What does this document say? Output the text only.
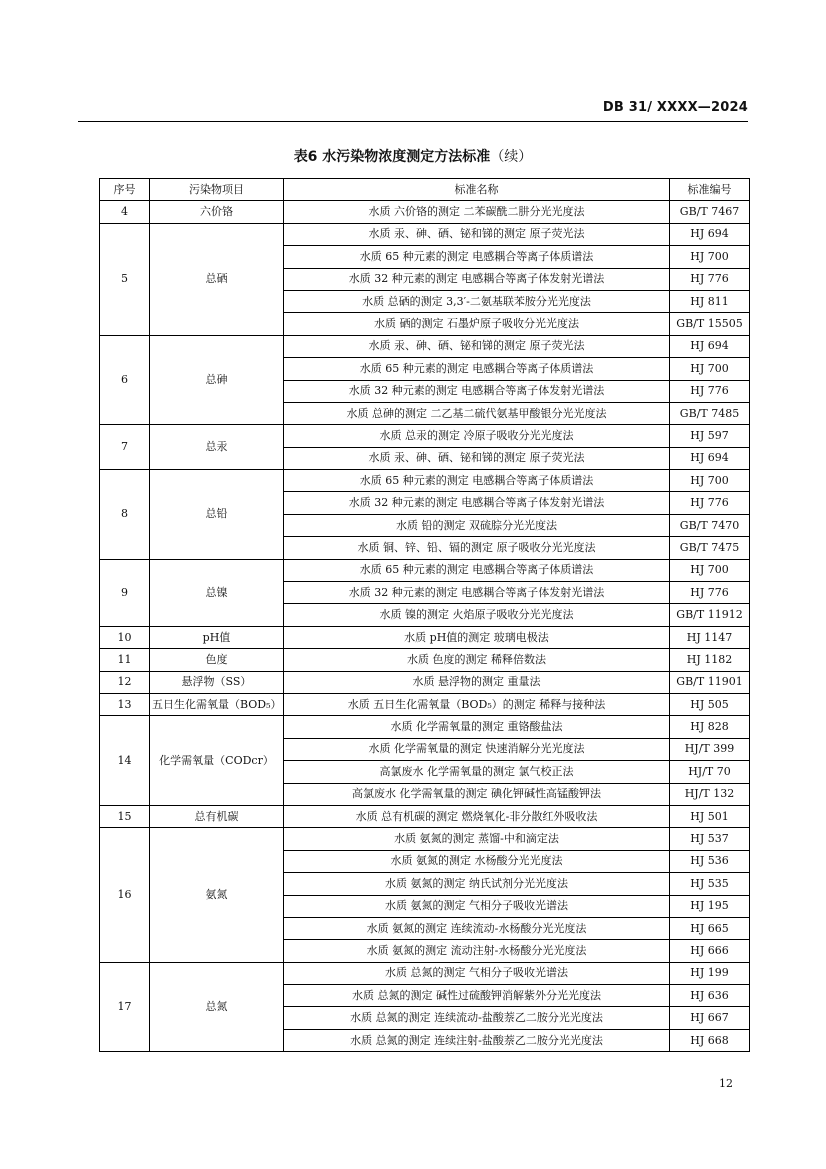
DB 31/ XXXX—2024
表6 水污染物浓度测定方法标准（续）
序号	污染物项目	标准名称	标准编号
4	六价铬	水质 六价铬的测定 二苯碳酰二肼分光光度法	GB/T 7467
5	总硒	水质 汞、砷、硒、铋和锑的测定 原子荧光法	HJ 694
		水质 65 种元素的测定 电感耦合等离子体质谱法	HJ 700
		水质 32 种元素的测定 电感耦合等离子体发射光谱法	HJ 776
		水质 总硒的测定 3,3′-二氨基联苯胺分光光度法	HJ 811
		水质 硒的测定 石墨炉原子吸收分光光度法	GB/T 15505
6	总砷	水质 汞、砷、硒、铋和锑的测定 原子荧光法	HJ 694
		水质 65 种元素的测定 电感耦合等离子体质谱法	HJ 700
		水质 32 种元素的测定 电感耦合等离子体发射光谱法	HJ 776
		水质 总砷的测定 二乙基二硫代氨基甲酸银分光光度法	GB/T 7485
7	总汞	水质 总汞的测定 冷原子吸收分光光度法	HJ 597
		水质 汞、砷、硒、铋和锑的测定 原子荧光法	HJ 694
8	总铅	水质 65 种元素的测定 电感耦合等离子体质谱法	HJ 700
		水质 32 种元素的测定 电感耦合等离子体发射光谱法	HJ 776
		水质 铅的测定 双硫腙分光光度法	GB/T 7470
		水质 铜、锌、铅、镉的测定 原子吸收分光光度法	GB/T 7475
9	总镍	水质 65 种元素的测定 电感耦合等离子体质谱法	HJ 700
		水质 32 种元素的测定 电感耦合等离子体发射光谱法	HJ 776
		水质 镍的测定 火焰原子吸收分光光度法	GB/T 11912
10	pH值	水质 pH值的测定 玻璃电极法	HJ 1147
11	色度	水质 色度的测定 稀释倍数法	HJ 1182
12	悬浮物（SS）	水质 悬浮物的测定 重量法	GB/T 11901
13	五日生化需氧量（BOD₅）	水质 五日生化需氧量（BOD₅）的测定 稀释与接种法	HJ 505
14	化学需氧量（CODcr）	水质 化学需氧量的测定 重铬酸盐法	HJ 828
		水质 化学需氧量的测定 快速消解分光光度法	HJ/T 399
		高氯废水 化学需氧量的测定 氯气校正法	HJ/T 70
		高氯废水 化学需氧量的测定 碘化钾碱性高锰酸钾法	HJ/T 132
15	总有机碳	水质 总有机碳的测定 燃烧氧化-非分散红外吸收法	HJ 501
16	氨氮	水质 氨氮的测定 蒸馏-中和滴定法	HJ 537
		水质 氨氮的测定 水杨酸分光光度法	HJ 536
		水质 氨氮的测定 纳氏试剂分光光度法	HJ 535
		水质 氨氮的测定 气相分子吸收光谱法	HJ 195
		水质 氨氮的测定 连续流动-水杨酸分光光度法	HJ 665
		水质 氨氮的测定 流动注射-水杨酸分光光度法	HJ 666
17	总氮	水质 总氮的测定 气相分子吸收光谱法	HJ 199
		水质 总氮的测定 碱性过硫酸钾消解紫外分光光度法	HJ 636
		水质 总氮的测定 连续流动-盐酸萘乙二胺分光光度法	HJ 667
		水质 总氮的测定 连续注射-盐酸萘乙二胺分光光度法	HJ 668
12
